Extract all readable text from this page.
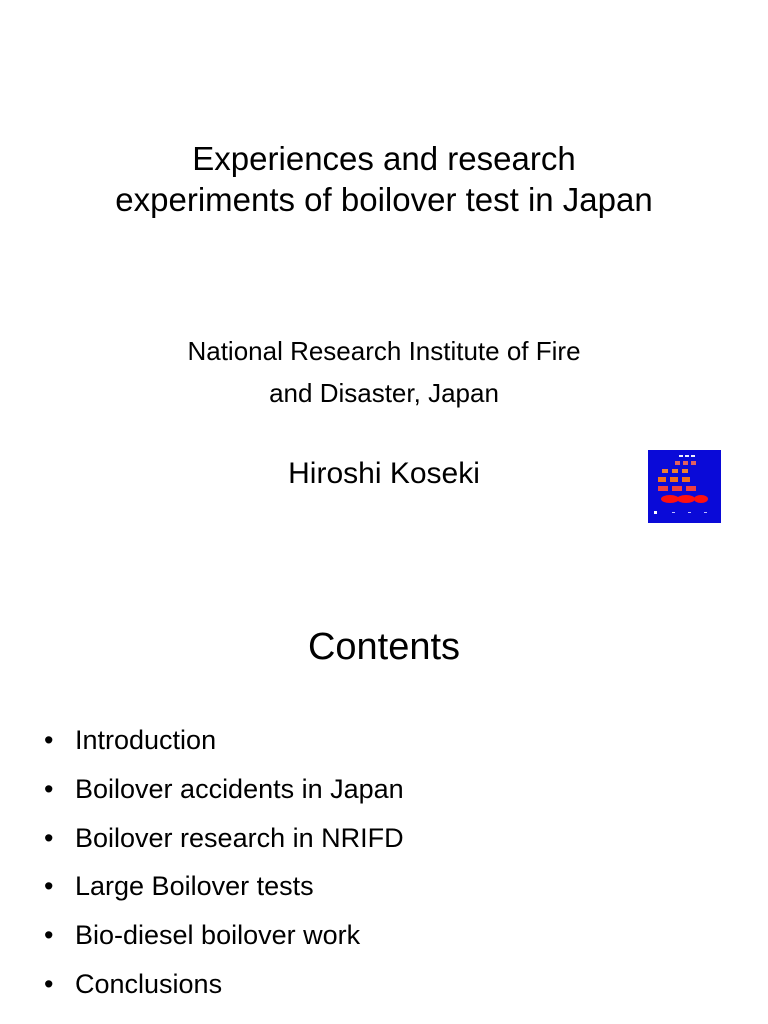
Experiences and research
experiments of boilover test in Japan
National Research Institute of Fire
and Disaster, Japan
Hiroshi Koseki
Contents
• Introduction
• Boilover accidents in Japan
• Boilover research in NRIFD
• Large Boilover tests
• Bio-diesel boilover work
• Conclusions
